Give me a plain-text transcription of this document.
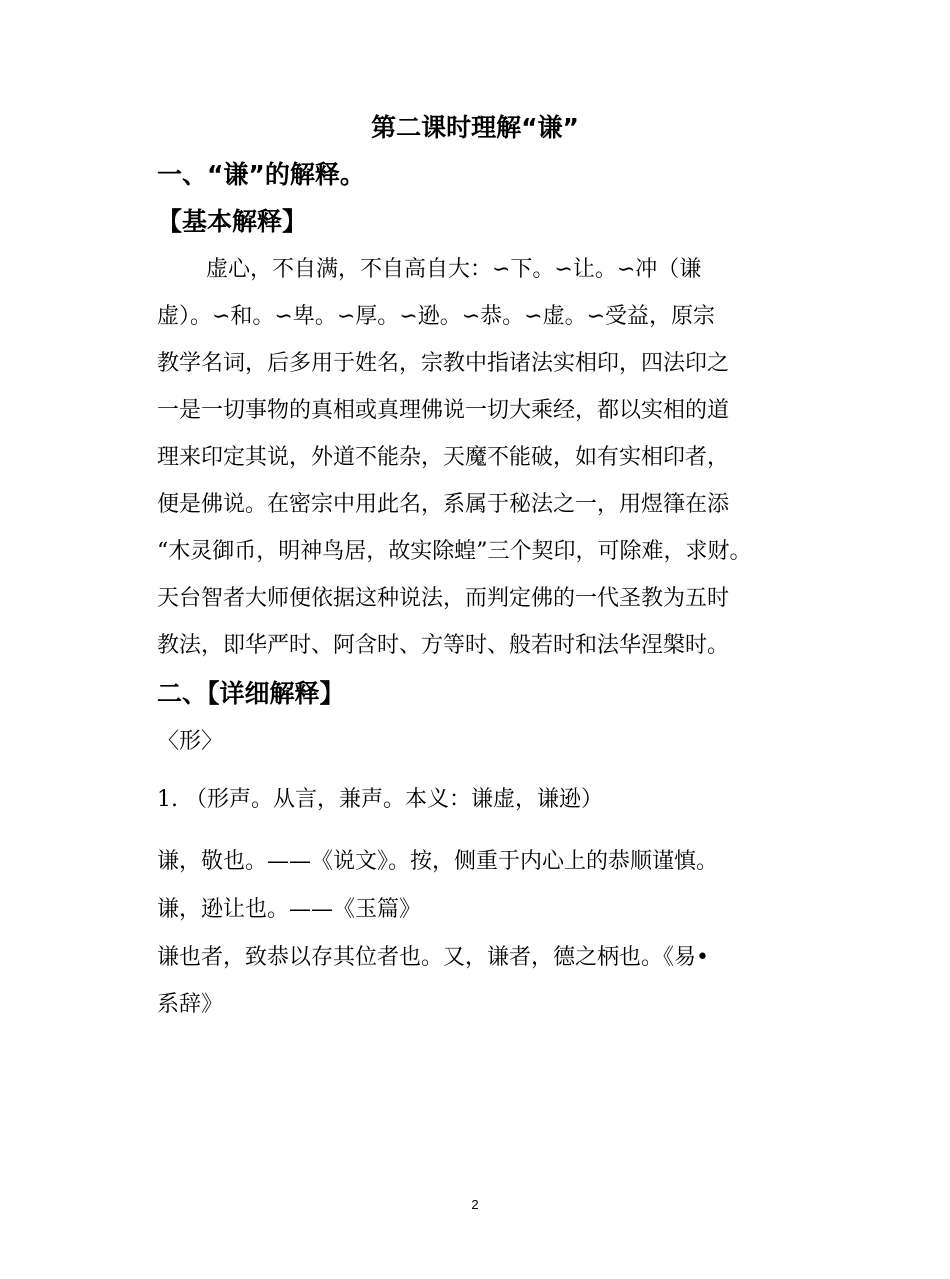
第二课时理解“谦”
一、“谦”的解释。
【基本解释】
虚心，不自满，不自高自大：∽下。∽让。∽冲（谦
虚）。∽和。∽卑。∽厚。∽逊。∽恭。∽虚。∽受益，原宗
教学名词，后多用于姓名，宗教中指诸法实相印，四法印之
一是一切事物的真相或真理佛说一切大乘经，都以实相的道
理来印定其说，外道不能杂，天魔不能破，如有实相印者，
便是佛说。在密宗中用此名，系属于秘法之一，用煜箻在添
“木灵御币，明神鸟居，故实除蝗”三个契印，可除难，求财。
天台智者大师便依据这种说法，而判定佛的一代圣教为五时
教法，即华严时、阿含时、方等时、般若时和法华涅槃时。
二、【详细解释】
〈形〉
1. （形声。从言，兼声。本义：谦虚，谦逊）
谦，敬也。——《说文》。按，侧重于内心上的恭顺谨慎。
谦，逊让也。——《玉篇》
谦也者，致恭以存其位者也。又，谦者，德之柄也。《易•
系辞》
2
